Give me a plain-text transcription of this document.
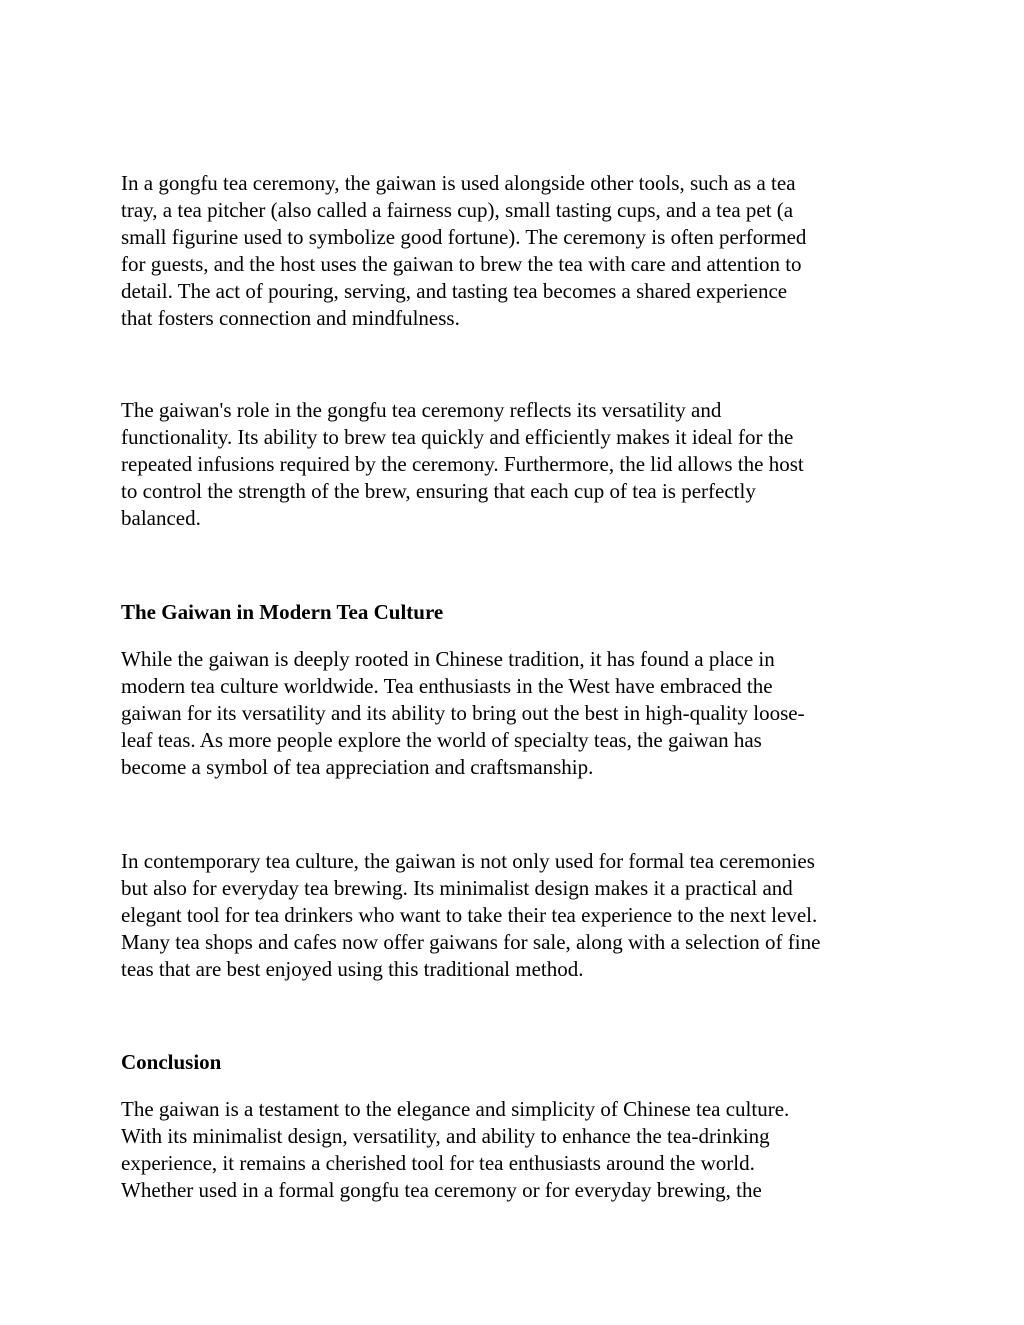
In a gongfu tea ceremony, the gaiwan is used alongside other tools, such as a tea
tray, a tea pitcher (also called a fairness cup), small tasting cups, and a tea pet (a
small figurine used to symbolize good fortune). The ceremony is often performed
for guests, and the host uses the gaiwan to brew the tea with care and attention to
detail. The act of pouring, serving, and tasting tea becomes a shared experience
that fosters connection and mindfulness.

The gaiwan's role in the gongfu tea ceremony reflects its versatility and
functionality. Its ability to brew tea quickly and efficiently makes it ideal for the
repeated infusions required by the ceremony. Furthermore, the lid allows the host
to control the strength of the brew, ensuring that each cup of tea is perfectly
balanced.

The Gaiwan in Modern Tea Culture

While the gaiwan is deeply rooted in Chinese tradition, it has found a place in
modern tea culture worldwide. Tea enthusiasts in the West have embraced the
gaiwan for its versatility and its ability to bring out the best in high-quality loose-
leaf teas. As more people explore the world of specialty teas, the gaiwan has
become a symbol of tea appreciation and craftsmanship.

In contemporary tea culture, the gaiwan is not only used for formal tea ceremonies
but also for everyday tea brewing. Its minimalist design makes it a practical and
elegant tool for tea drinkers who want to take their tea experience to the next level.
Many tea shops and cafes now offer gaiwans for sale, along with a selection of fine
teas that are best enjoyed using this traditional method.

Conclusion

The gaiwan is a testament to the elegance and simplicity of Chinese tea culture.
With its minimalist design, versatility, and ability to enhance the tea-drinking
experience, it remains a cherished tool for tea enthusiasts around the world.
Whether used in a formal gongfu tea ceremony or for everyday brewing, the
